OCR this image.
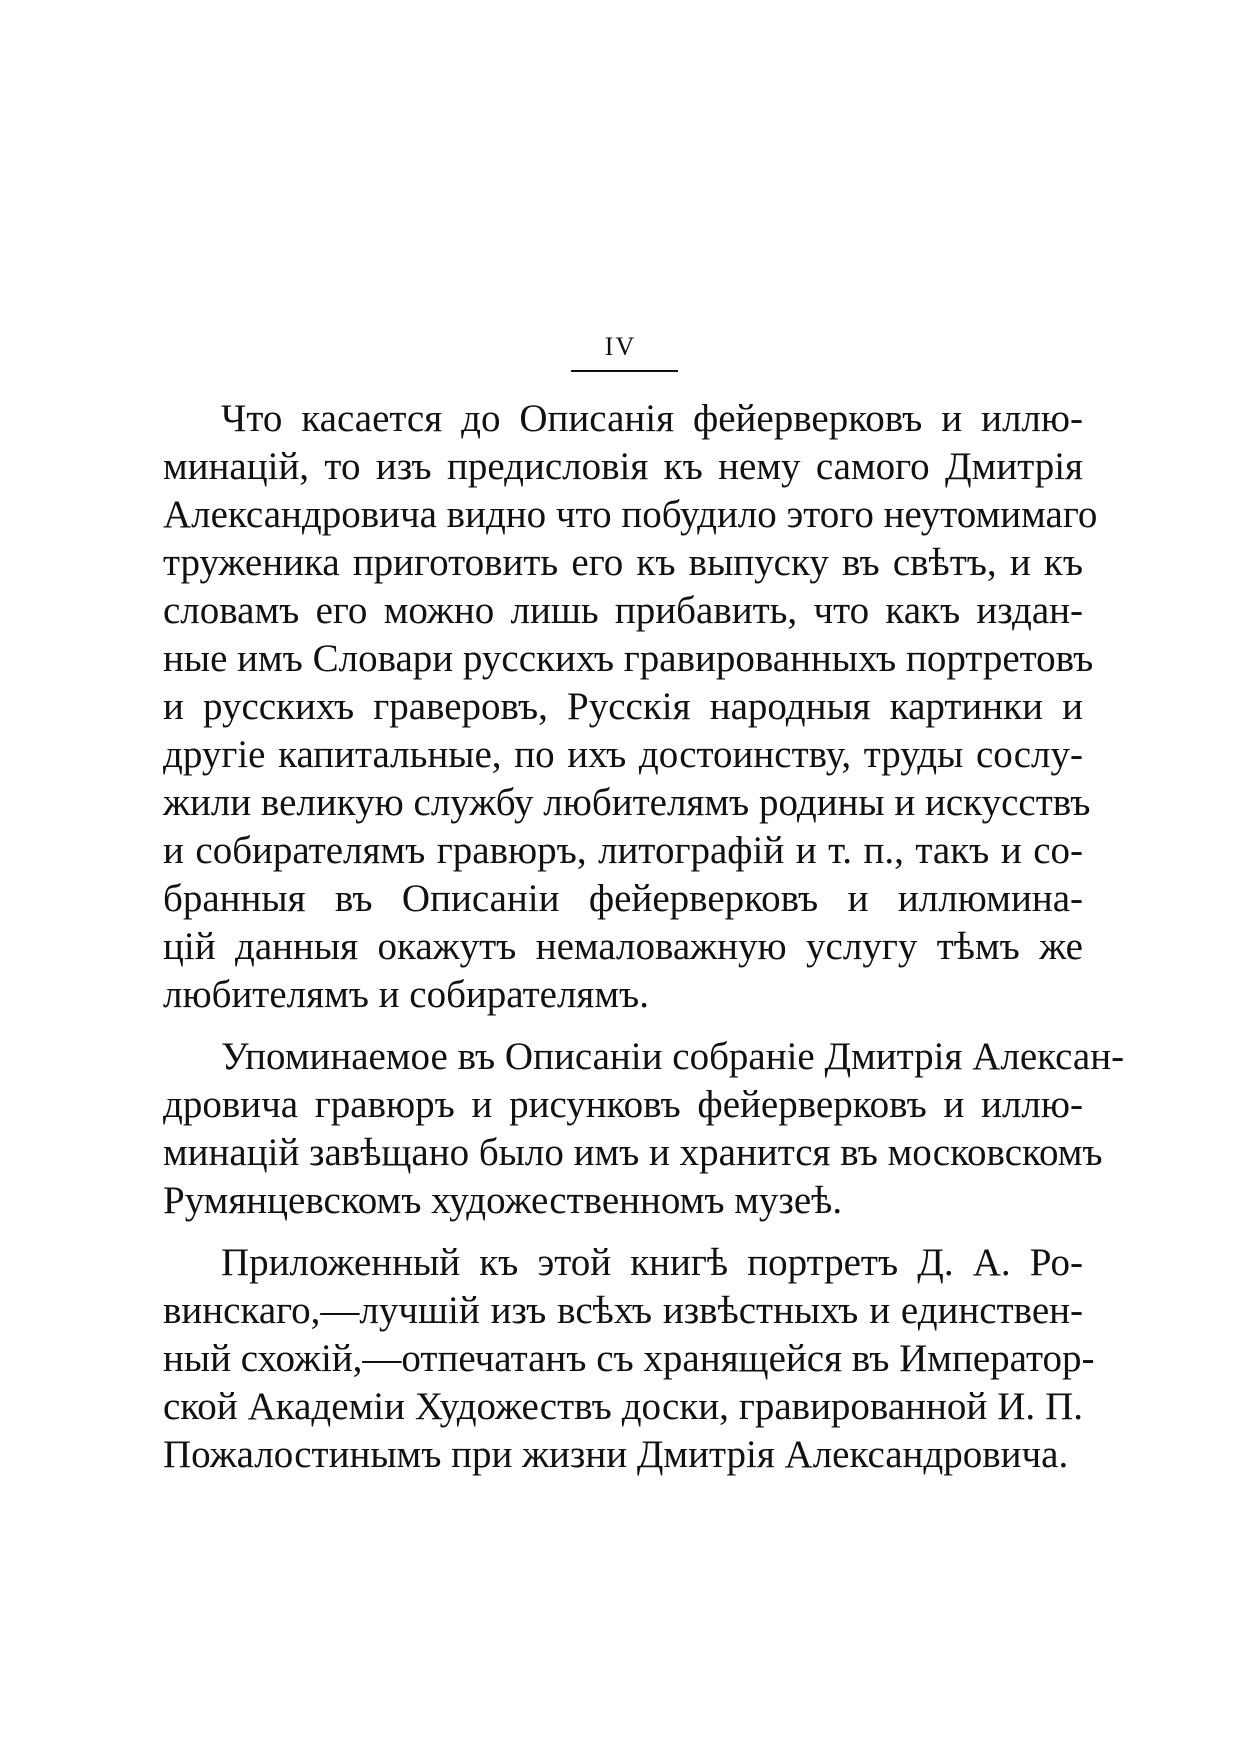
IV
Что касается до Описанія фейерверковъ и иллю-
минацій, то изъ предисловія къ нему самого Дмитрія
Александровича видно что побудило этого неутомимаго
труженика приготовить его къ выпуску въ свѣтъ, и къ
словамъ его можно лишь прибавить, что какъ издан-
ные имъ Словари русскихъ гравированныхъ портретовъ
и русскихъ граверовъ, Русскія народныя картинки и
другіе капитальные, по ихъ достоинству, труды сослу-
жили великую службу любителямъ родины и искусствъ
и собирателямъ гравюръ, литографій и т. п., такъ и со-
бранныя въ Описаніи фейерверковъ и иллюмина-
цій данныя окажутъ немаловажную услугу тѣмъ же
любителямъ и собирателямъ.
Упоминаемое въ Описаніи собраніе Дмитрія Алексан-
дровича гравюръ и рисунковъ фейерверковъ и иллю-
минацій завѣщано было имъ и хранится въ московскомъ
Румянцевскомъ художественномъ музеѣ.
Приложенный къ этой книгѣ портретъ Д. А. Ро-
винскаго,—лучшій изъ всѣхъ извѣстныхъ и единствен-
ный схожій,—отпечатанъ съ хранящейся въ Император-
ской Академіи Художествъ доски, гравированной И. П.
Пожалостинымъ при жизни Дмитрія Александровича.
